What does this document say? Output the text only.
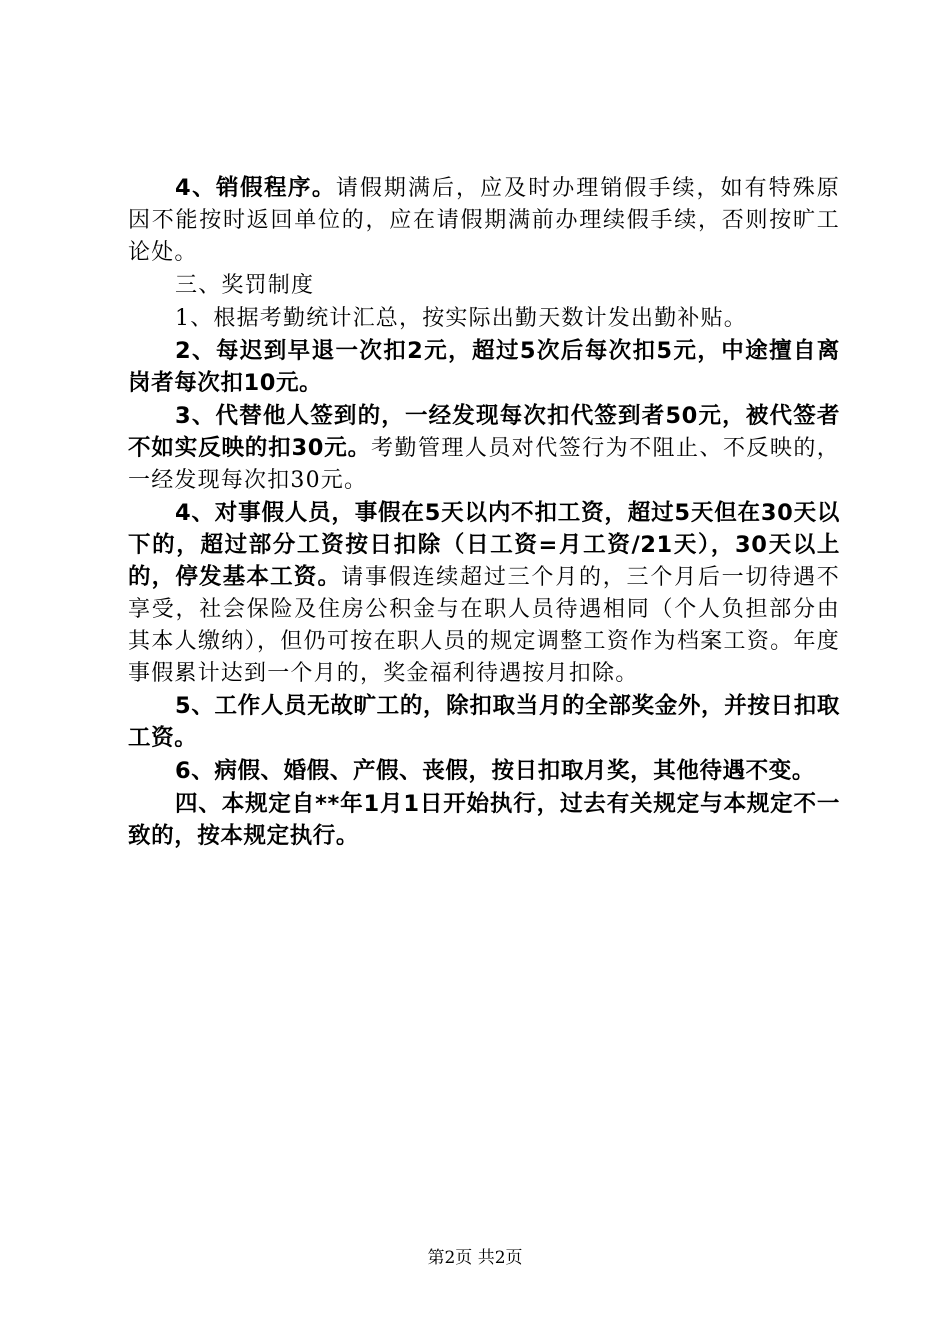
4、销假程序。请假期满后，应及时办理销假手续，如有特殊原因不能按时返回单位的，应在请假期满前办理续假手续，否则按旷工论处。

三、奖罚制度

1、根据考勤统计汇总，按实际出勤天数计发出勤补贴。

2、每迟到早退一次扣2元，超过5次后每次扣5元，中途擅自离岗者每次扣10元。

3、代替他人签到的，一经发现每次扣代签到者50元，被代签者不如实反映的扣30元。考勤管理人员对代签行为不阻止、不反映的，一经发现每次扣30元。

4、对事假人员，事假在5天以内不扣工资，超过5天但在30天以下的，超过部分工资按日扣除（日工资=月工资/21天），30天以上的，停发基本工资。请事假连续超过三个月的，三个月后一切待遇不享受，社会保险及住房公积金与在职人员待遇相同（个人负担部分由其本人缴纳），但仍可按在职人员的规定调整工资作为档案工资。年度事假累计达到一个月的，奖金福利待遇按月扣除。

5、工作人员无故旷工的，除扣取当月的全部奖金外，并按日扣取工资。

6、病假、婚假、产假、丧假，按日扣取月奖，其他待遇不变。

四、本规定自**年1月1日开始执行，过去有关规定与本规定不一致的，按本规定执行。

第2页 共2页
